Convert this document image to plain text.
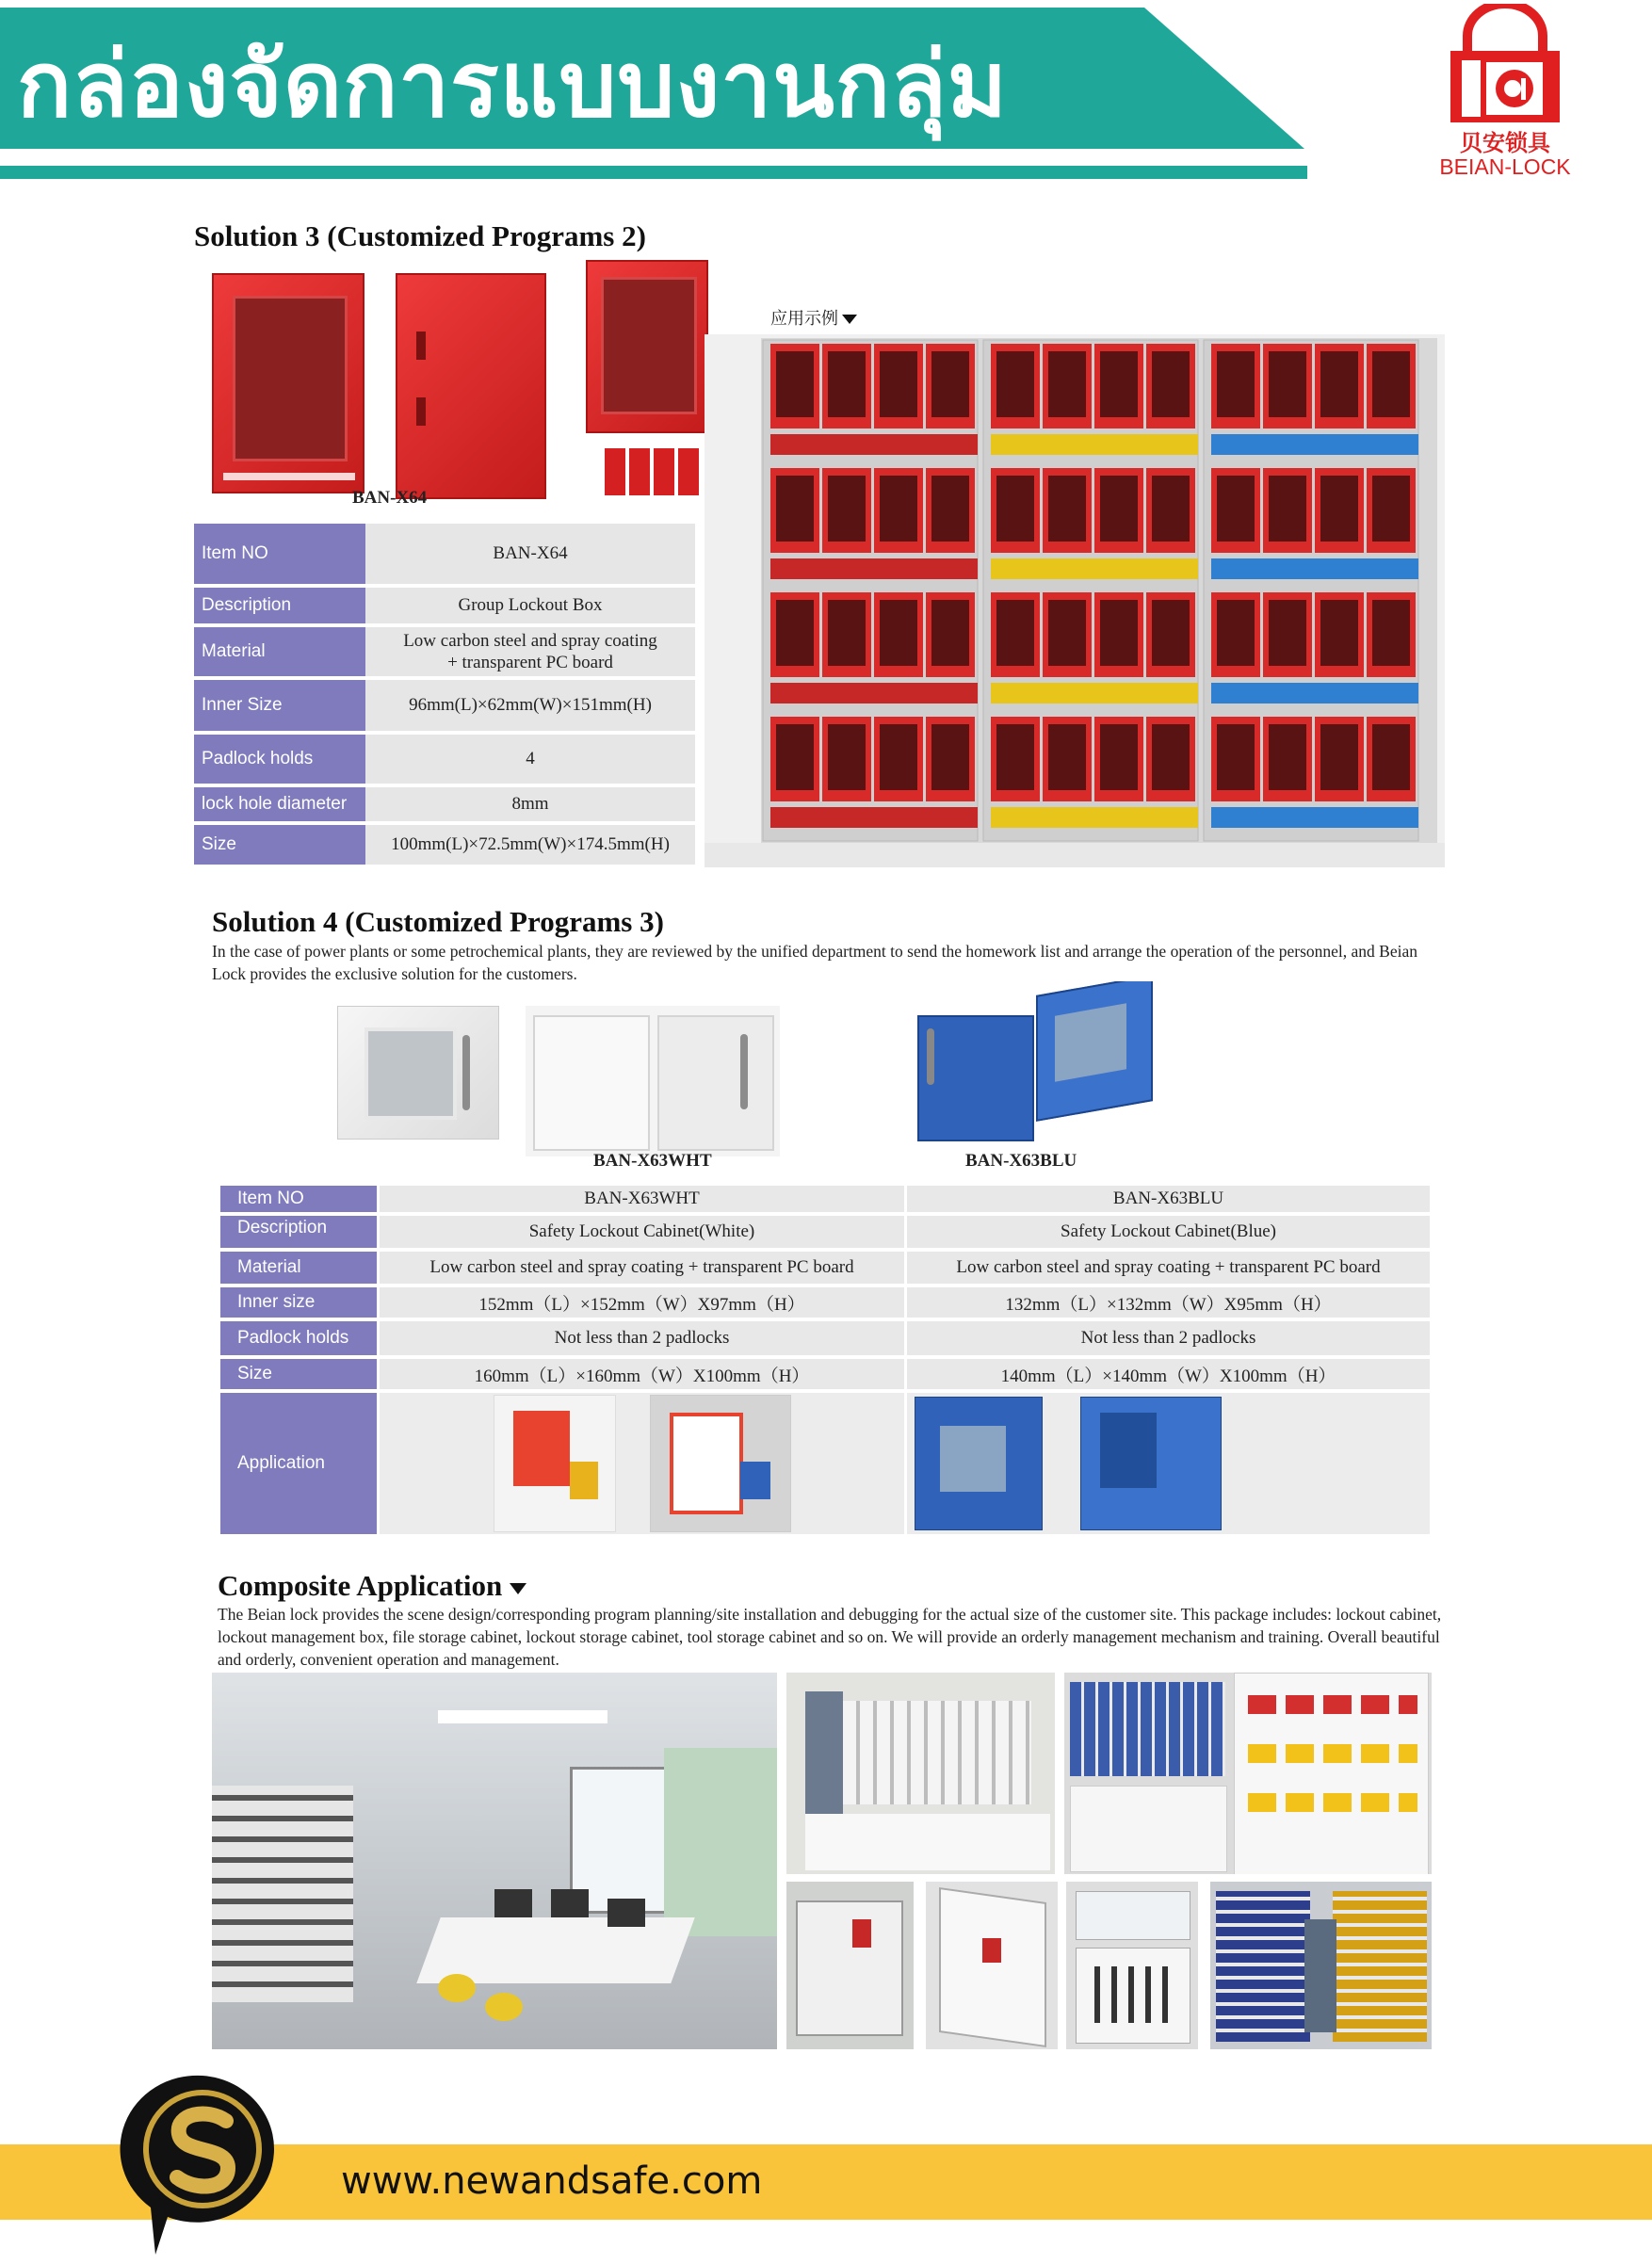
กล่องจัดการแบบงานกลุ่ม
贝安锁具
BEIAN-LOCK
Solution 3 (Customized Programs 2)
BAN-X64
Item NO	BAN-X64
Description	Group Lockout Box
Material	Low carbon steel and spray coating
+ transparent PC board

Inner Size	96mm(L)×62mm(W)×151mm(H)
Padlock holds	4
lock hole diameter	8mm
Size	100mm(L)×72.5mm(W)×174.5mm(H)
应用示例
Solution 4 (Customized Programs 3)
In the case of power plants or some petrochemical plants, they are reviewed by the unified department to send the homework list and arrange the operation of the personnel, and Beian Lock provides the exclusive solution for the customers.
BAN-X63WHT	BAN-X63BLU
Item NO	BAN-X63WHT	BAN-X63BLU
Description	Safety Lockout Cabinet(White)	Safety Lockout Cabinet(Blue)
Material	Low carbon steel and spray coating + transparent PC board	Low carbon steel and spray coating + transparent PC board
Inner size	152mm（L）×152mm（W）X97mm（H）	132mm（L）×132mm（W）X95mm（H）
Padlock holds	Not less than 2 padlocks	Not less than 2 padlocks
Size	160mm（L）×160mm（W）X100mm（H）	140mm（L）×140mm（W）X100mm（H）
Application	

Composite Application
The Beian lock provides the scene design/corresponding program planning/site installation and debugging for the actual size of the customer site. This package includes: lockout cabinet, lockout management box, file storage cabinet, lockout storage cabinet, tool storage cabinet and so on. We will provide an orderly management mechanism and training. Overall beautiful and orderly, convenient operation and management.
www.newandsafe.com
